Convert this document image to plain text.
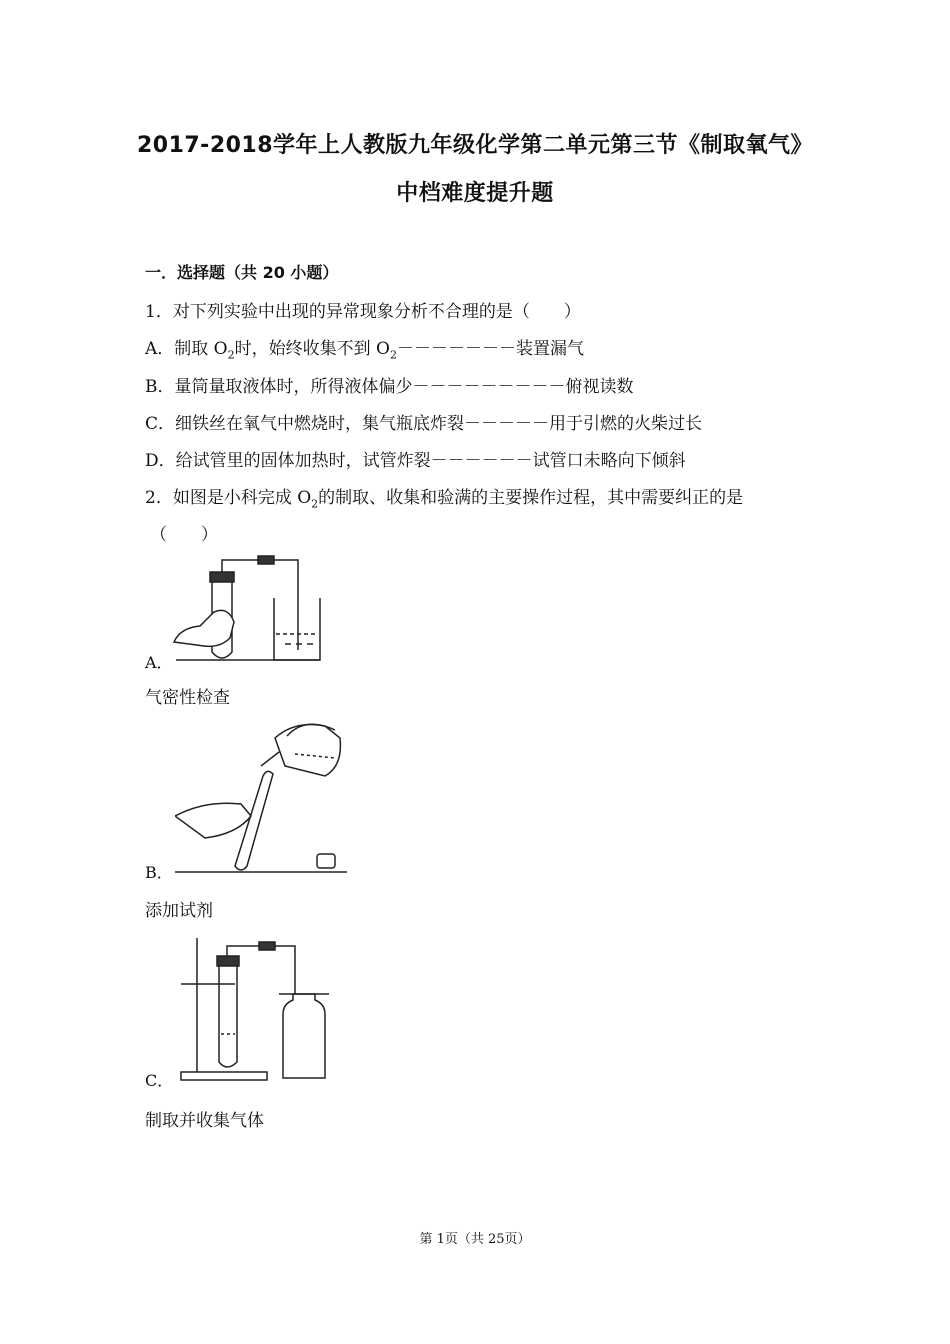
2017-2018学年上人教版九年级化学第二单元第三节《制取氧气》
中档难度提升题
一．选择题（共 20 小题）
1．对下列实验中出现的异常现象分析不合理的是（　　）
A．制取 $O_2$时，始终收集不到 $O_2-------$装置漏气
B．量筒量取液体时，所得液体偏少－－－－－－－－－俯视读数
C．细铁丝在氧气中燃烧时，集气瓶底炸裂－－－－－用于引燃的火柴过长
D．给试管里的固体加热时，试管炸裂－－－－－－试管口未略向下倾斜
2．如图是小科完成 $O_2$的制取、收集和验满的主要操作过程，其中需要纠正的是
（　　）
A．
气密性检查
B．
添加试剂
C．
制取并收集气体
第 1页（共 25页）
